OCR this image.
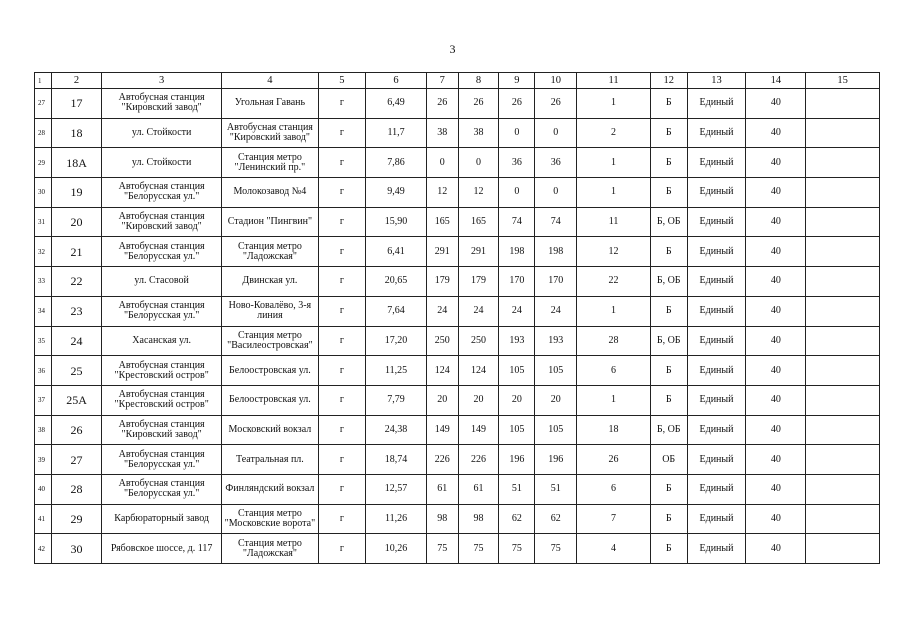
3
1	2	3	4	5	6	7	8	9	10	11	12	13	14	15
27	17	Автобусная станция "Кировский завод"	Угольная Гавань	г	6,49	26	26	26	26	1	Б	Единый	40	
28	18	ул. Стойкости	Автобусная станция "Кировский завод"	г	11,7	38	38	0	0	2	Б	Единый	40	
29	18А	ул. Стойкости	Станция метро "Ленинский пр."	г	7,86	0	0	36	36	1	Б	Единый	40	
30	19	Автобусная станция "Белорусская ул."	Молокозавод №4	г	9,49	12	12	0	0	1	Б	Единый	40	
31	20	Автобусная станция "Кировский завод"	Стадион "Пингвин"	г	15,90	165	165	74	74	11	Б, ОБ	Единый	40	
32	21	Автобусная станция "Белорусская ул."	Станция метро "Ладожская"	г	6,41	291	291	198	198	12	Б	Единый	40	
33	22	ул. Стасовой	Двинская ул.	г	20,65	179	179	170	170	22	Б, ОБ	Единый	40	
34	23	Автобусная станция "Белорусская ул."	Ново-Ковалёво, 3-я линия	г	7,64	24	24	24	24	1	Б	Единый	40	
35	24	Хасанская ул.	Станция метро "Василеостровская"	г	17,20	250	250	193	193	28	Б, ОБ	Единый	40	
36	25	Автобусная станция "Крестовский остров"	Белоостровская ул.	г	11,25	124	124	105	105	6	Б	Единый	40	
37	25А	Автобусная станция "Крестовский остров"	Белоостровская ул.	г	7,79	20	20	20	20	1	Б	Единый	40	
38	26	Автобусная станция "Кировский завод"	Московский вокзал	г	24,38	149	149	105	105	18	Б, ОБ	Единый	40	
39	27	Автобусная станция "Белорусская ул."	Театральная пл.	г	18,74	226	226	196	196	26	ОБ	Единый	40	
40	28	Автобусная станция "Белорусская ул."	Финляндский вокзал	г	12,57	61	61	51	51	6	Б	Единый	40	
41	29	Карбюраторный завод	Станция метро "Московские ворота"	г	11,26	98	98	62	62	7	Б	Единый	40	
42	30	Рябовское шоссе, д. 117	Станция метро "Ладожская"	г	10,26	75	75	75	75	4	Б	Единый	40	
